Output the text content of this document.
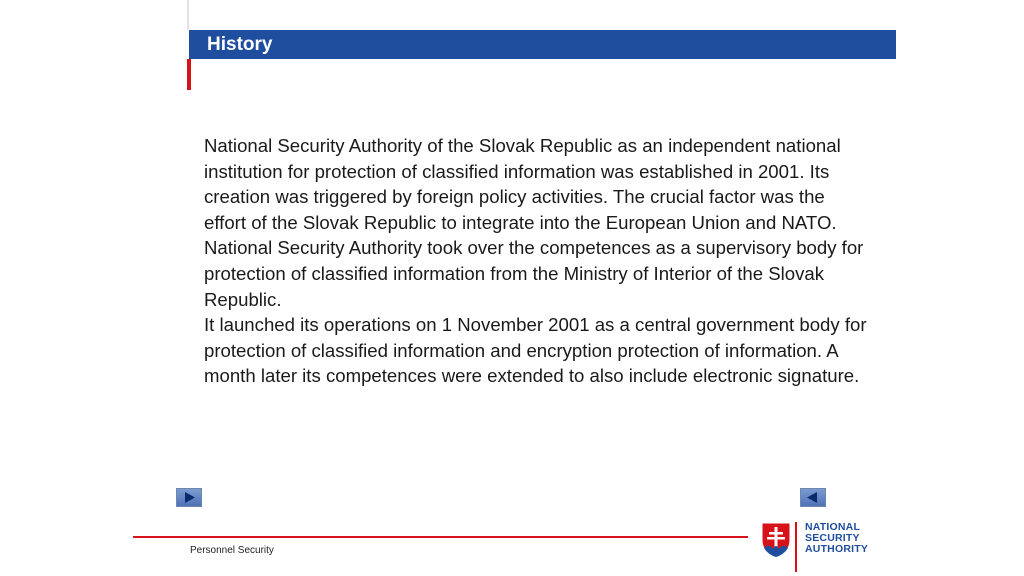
History

National Security Authority of the Slovak Republic as an independent national institution for protection of classified information was established in 2001. Its creation was triggered by foreign policy activities. The crucial factor was the effort of the Slovak Republic to integrate into the European Union and NATO.

National Security Authority took over the competences as a supervisory body for protection of classified information from the Ministry of Interior of the Slovak Republic.

It launched its operations on 1 November 2001 as a central government body for protection of classified information and encryption protection of information. A month later its competences were extended to also include electronic signature.

Personnel Security
NATIONAL
SECURITY
AUTHORITY
